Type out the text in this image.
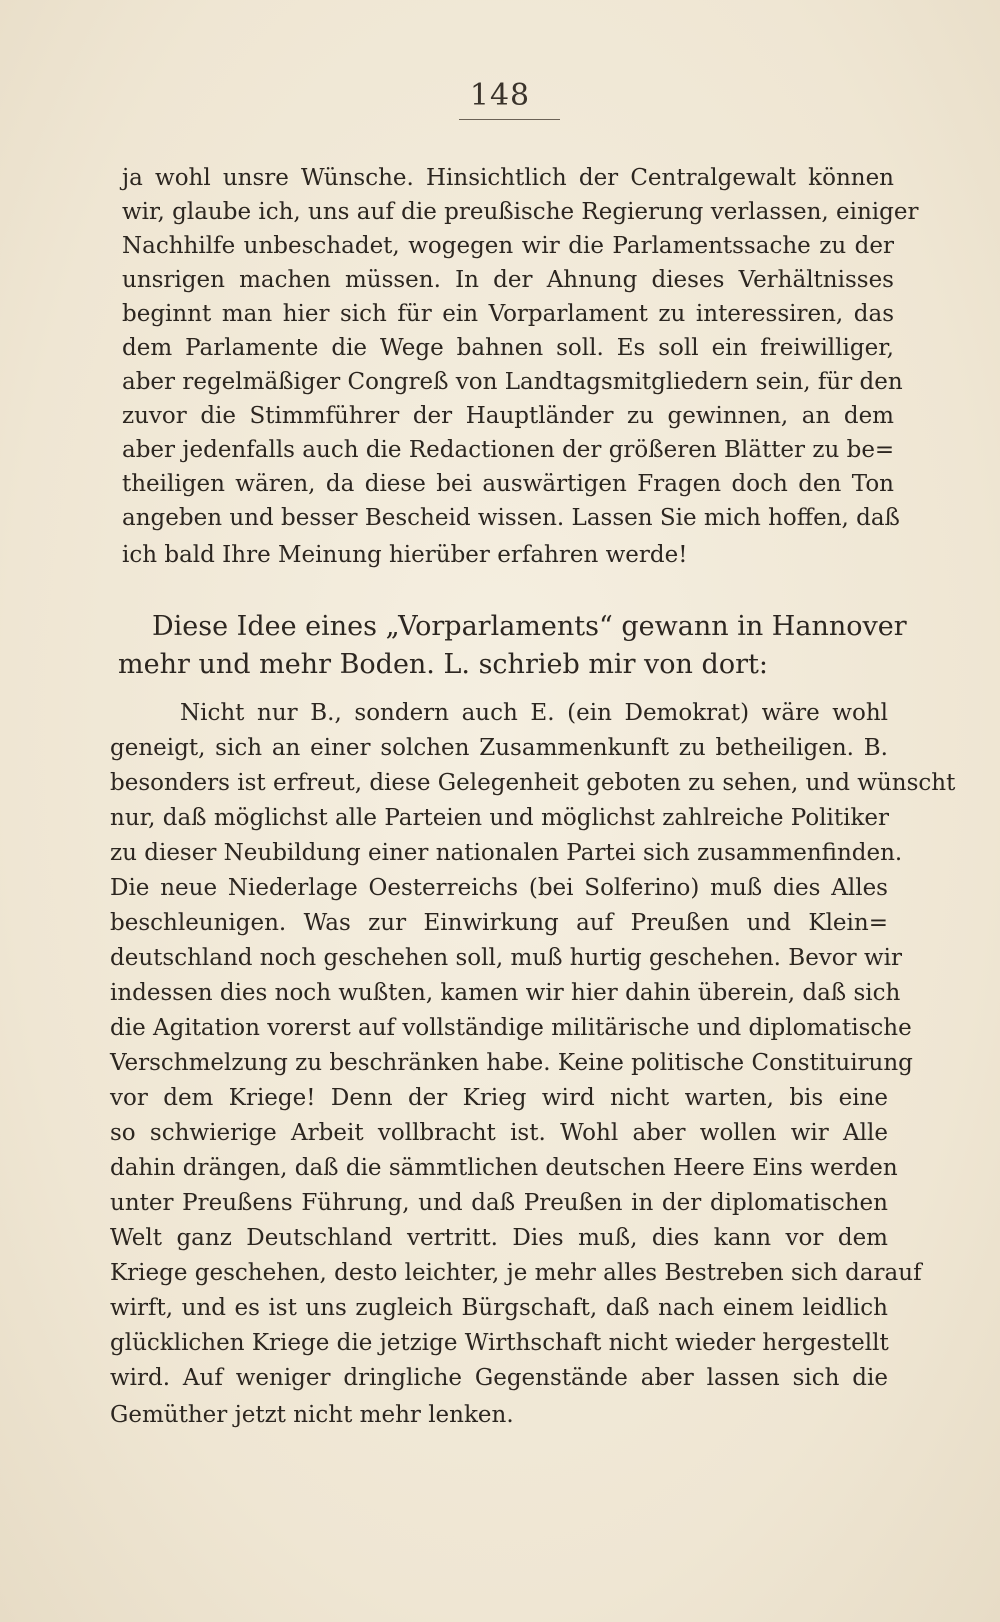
148
ja wohl unsre Wünsche. Hinsichtlich der Centralgewalt können
wir, glaube ich, uns auf die preußische Regierung verlassen, einiger
Nachhilfe unbeschadet, wogegen wir die Parlamentssache zu der
unsrigen machen müssen. In der Ahnung dieses Verhältnisses
beginnt man hier sich für ein Vorparlament zu interessiren, das
dem Parlamente die Wege bahnen soll. Es soll ein freiwilliger,
aber regelmäßiger Congreß von Landtagsmitgliedern sein, für den
zuvor die Stimmführer der Hauptländer zu gewinnen, an dem
aber jedenfalls auch die Redactionen der größeren Blätter zu be=
theiligen wären, da diese bei auswärtigen Fragen doch den Ton
angeben und besser Bescheid wissen. Lassen Sie mich hoffen, daß
ich bald Ihre Meinung hierüber erfahren werde!
Diese Idee eines „Vorparlaments“ gewann in Hannover
mehr und mehr Boden. L. schrieb mir von dort:
Nicht nur B., sondern auch E. (ein Demokrat) wäre wohl
geneigt, sich an einer solchen Zusammenkunft zu betheiligen. B.
besonders ist erfreut, diese Gelegenheit geboten zu sehen, und wünscht
nur, daß möglichst alle Parteien und möglichst zahlreiche Politiker
zu dieser Neubildung einer nationalen Partei sich zusammenfinden.
Die neue Niederlage Oesterreichs (bei Solferino) muß dies Alles
beschleunigen. Was zur Einwirkung auf Preußen und Klein=
deutschland noch geschehen soll, muß hurtig geschehen. Bevor wir
indessen dies noch wußten, kamen wir hier dahin überein, daß sich
die Agitation vorerst auf vollständige militärische und diplomatische
Verschmelzung zu beschränken habe. Keine politische Constituirung
vor dem Kriege! Denn der Krieg wird nicht warten, bis eine
so schwierige Arbeit vollbracht ist. Wohl aber wollen wir Alle
dahin drängen, daß die sämmtlichen deutschen Heere Eins werden
unter Preußens Führung, und daß Preußen in der diplomatischen
Welt ganz Deutschland vertritt. Dies muß, dies kann vor dem
Kriege geschehen, desto leichter, je mehr alles Bestreben sich darauf
wirft, und es ist uns zugleich Bürgschaft, daß nach einem leidlich
glücklichen Kriege die jetzige Wirthschaft nicht wieder hergestellt
wird. Auf weniger dringliche Gegenstände aber lassen sich die
Gemüther jetzt nicht mehr lenken.
